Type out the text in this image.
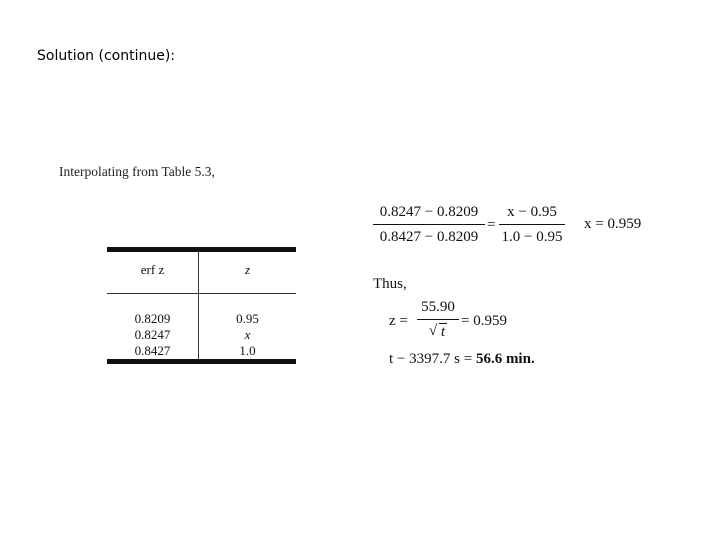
Solution (continue):
Interpolating from Table 5.3,
erf z	z
0.8209
0.8247
0.8427
0.95
x
1.0
0.8247 − 0.8209
0.8427 − 0.8209
=
x − 0.95
1.0 − 0.95
x = 0.959
Thus,
z =
55.90
√ t
= 0.959
t − 3397.7 s = 56.6 min.
